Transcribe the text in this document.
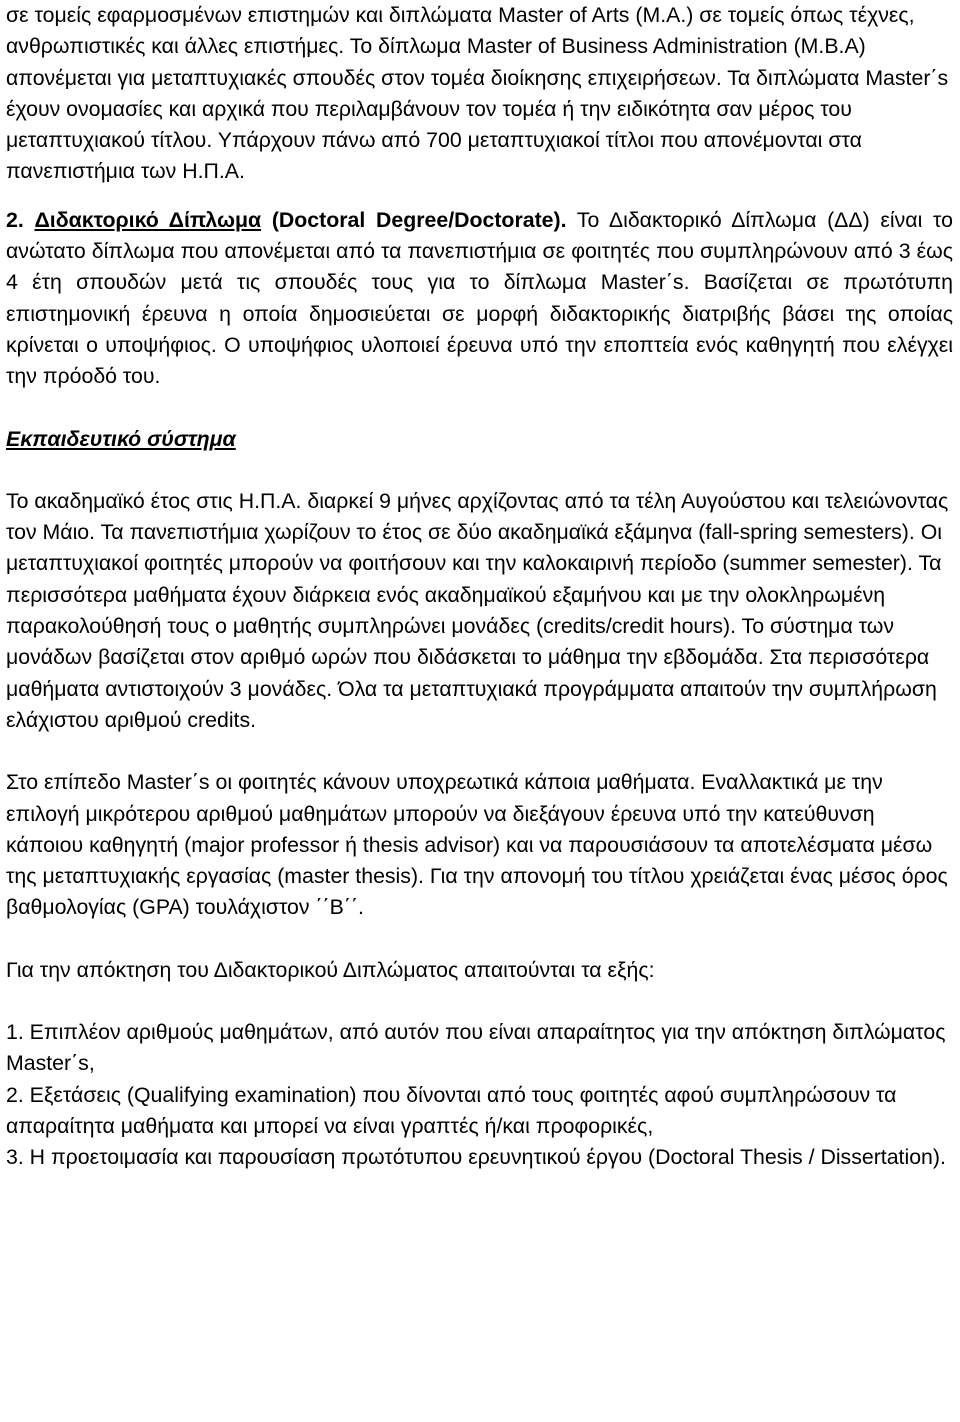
σε τομείς εφαρμοσμένων επιστημών και διπλώματα Master of Arts (M.A.) σε τομείς όπως τέχνες, ανθρωπιστικές και άλλες επιστήμες. Το δίπλωμα Master of Business Administration (M.B.A) απονέμεται για μεταπτυχιακές σπουδές στον τομέα διοίκησης επιχειρήσεων. Τα διπλώματα Master΄s έχουν ονομασίες και αρχικά που περιλαμβάνουν τον τομέα ή την ειδικότητα σαν μέρος του μεταπτυχιακού τίτλου. Υπάρχουν πάνω από 700 μεταπτυχιακοί τίτλοι που απονέμονται στα πανεπιστήμια των Η.Π.Α.

2. Διδακτορικό Δίπλωμα (Doctoral Degree/Doctorate). Το Διδακτορικό Δίπλωμα (ΔΔ) είναι το ανώτατο δίπλωμα που απονέμεται από τα πανεπιστήμια σε φοιτητές που συμπληρώνουν από 3 έως 4 έτη σπουδών μετά τις σπουδές τους για το δίπλωμα Master΄s. Βασίζεται σε πρωτότυπη επιστημονική έρευνα η οποία δημοσιεύεται σε μορφή διδακτορικής διατριβής βάσει της οποίας κρίνεται ο υποψήφιος. Ο υποψήφιος υλοποιεί έρευνα υπό την εποπτεία ενός καθηγητή που ελέγχει την πρόοδό του.

Εκπαιδευτικό σύστημα

Το ακαδημαϊκό έτος στις Η.Π.Α. διαρκεί 9 μήνες αρχίζοντας από τα τέλη Αυγούστου και τελειώνοντας τον Μάιο. Τα πανεπιστήμια χωρίζουν το έτος σε δύο ακαδημαϊκά εξάμηνα (fall-spring semesters). Οι μεταπτυχιακοί φοιτητές μπορούν να φοιτήσουν και την καλοκαιρινή περίοδο (summer semester). Τα περισσότερα μαθήματα έχουν διάρκεια ενός ακαδημαϊκού εξαμήνου και με την ολοκληρωμένη παρακολούθησή τους ο μαθητής συμπληρώνει μονάδες (credits/credit hours). Το σύστημα των μονάδων βασίζεται στον αριθμό ωρών που διδάσκεται το μάθημα την εβδομάδα. Στα περισσότερα μαθήματα αντιστοιχούν 3 μονάδες. Όλα τα μεταπτυχιακά προγράμματα απαιτούν την συμπλήρωση ελάχιστου αριθμού credits.

Στο επίπεδο Master΄s οι φοιτητές κάνουν υποχρεωτικά κάποια μαθήματα. Εναλλακτικά με την επιλογή μικρότερου αριθμού μαθημάτων μπορούν να διεξάγουν έρευνα υπό την κατεύθυνση κάποιου καθηγητή (major professor ή thesis advisor) και να παρουσιάσουν τα αποτελέσματα μέσω της μεταπτυχιακής εργασίας (master thesis). Για την απονομή του τίτλου χρειάζεται ένας μέσος όρος βαθμολογίας (GPA) τουλάχιστον ΄΄Β΄΄.

Για την απόκτηση του Διδακτορικού Διπλώματος απαιτούνται τα εξής:

1. Επιπλέον αριθμούς μαθημάτων, από αυτόν που είναι απαραίτητος για την απόκτηση διπλώματος Master΄s,

2. Εξετάσεις (Qualifying examination) που δίνονται από τους φοιτητές αφού συμπληρώσουν τα απαραίτητα μαθήματα και μπορεί να είναι γραπτές ή/και προφορικές,

3. Η προετοιμασία και παρουσίαση πρωτότυπου ερευνητικού έργου (Doctoral Thesis / Dissertation).
